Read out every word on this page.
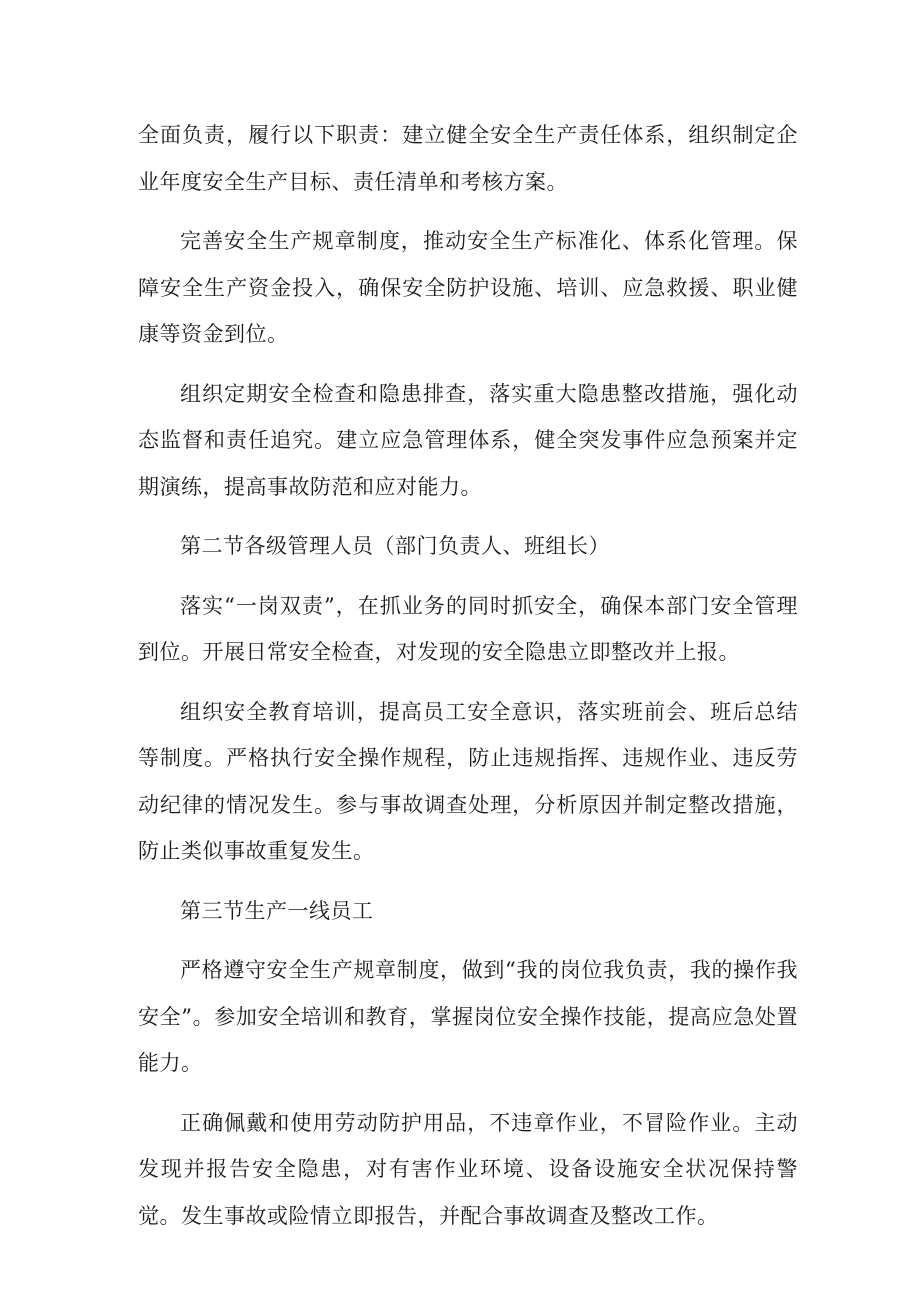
全面负责，履行以下职责：建立健全安全生产责任体系，组织制定企业年度安全生产目标、责任清单和考核方案。

完善安全生产规章制度，推动安全生产标准化、体系化管理。保障安全生产资金投入，确保安全防护设施、培训、应急救援、职业健康等资金到位。

组织定期安全检查和隐患排查，落实重大隐患整改措施，强化动态监督和责任追究。建立应急管理体系，健全突发事件应急预案并定期演练，提高事故防范和应对能力。

第二节各级管理人员（部门负责人、班组长）

落实“一岗双责”，在抓业务的同时抓安全，确保本部门安全管理到位。开展日常安全检查，对发现的安全隐患立即整改并上报。

组织安全教育培训，提高员工安全意识，落实班前会、班后总结等制度。严格执行安全操作规程，防止违规指挥、违规作业、违反劳动纪律的情况发生。参与事故调查处理，分析原因并制定整改措施，防止类似事故重复发生。

第三节生产一线员工

严格遵守安全生产规章制度，做到“我的岗位我负责，我的操作我安全”。参加安全培训和教育，掌握岗位安全操作技能，提高应急处置能力。

正确佩戴和使用劳动防护用品，不违章作业，不冒险作业。主动发现并报告安全隐患，对有害作业环境、设备设施安全状况保持警觉。发生事故或险情立即报告，并配合事故调查及整改工作。
